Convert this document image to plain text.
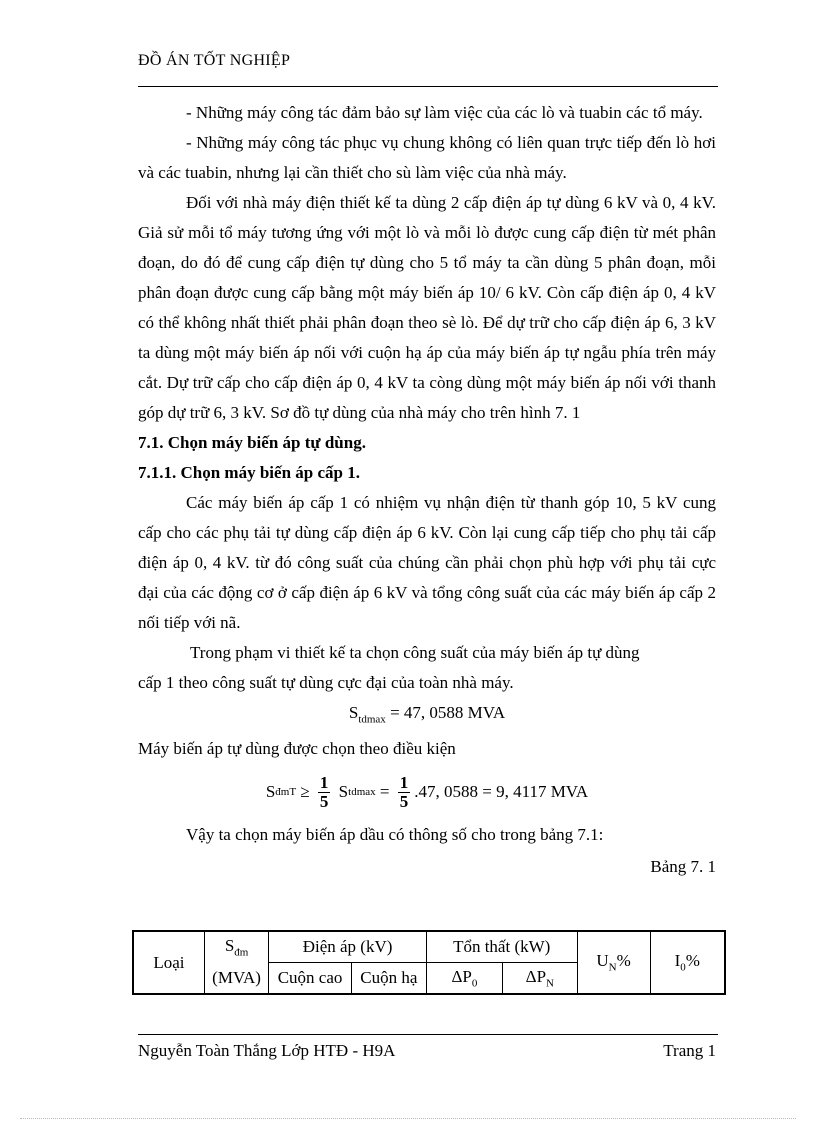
ĐỒ ÁN TỐT NGHIỆP

- Những máy công tác đảm bảo sự làm việc của các lò và tuabin các tổ máy.

- Những máy công tác phục vụ chung không có liên quan trực tiếp đến lò hơi và các tuabin, nhưng lại cần thiết cho sù làm việc của nhà máy.

Đối với nhà máy điện thiết kế ta dùng 2 cấp điện áp tự dùng 6 kV và 0, 4 kV. Giả sử mỗi tổ máy tương ứng với một lò và mỗi lò được cung cấp điện từ mét phân đoạn, do đó để cung cấp điện tự dùng cho 5 tổ máy ta cần dùng 5 phân đoạn, mỗi phân đoạn được cung cấp bằng một máy biến áp 10/ 6 kV. Còn cấp điện áp 0, 4 kV có thể không nhất thiết phải phân đoạn theo sè lò. Để dự trữ cho cấp điện áp 6, 3 kV ta dùng một máy biến áp nối với cuộn hạ áp của máy biến áp tự ngẫu phía trên máy cắt. Dự trữ cấp cho cấp điện áp 0, 4 kV ta còng dùng một máy biến áp nối với thanh góp dự trữ 6, 3 kV. Sơ đồ tự dùng của nhà máy cho trên hình 7. 1

7.1. Chọn máy biến áp tự dùng.

7.1.1. Chọn máy biến áp cấp 1.

Các máy biến áp cấp 1 có nhiệm vụ nhận điện từ thanh góp 10, 5 kV cung cấp cho các phụ tải tự dùng cấp điện áp 6 kV. Còn lại cung cấp tiếp cho phụ tải cấp điện áp 0, 4 kV. từ đó công suất của chúng cần phải chọn phù hợp với phụ tải cực đại của các động cơ ở cấp điện áp 6 kV và tổng công suất của các máy biến áp cấp 2 nối tiếp với nã.

Trong phạm vi thiết kế ta chọn công suất của máy biến áp tự dùng

cấp 1 theo công suất tự dùng cực đại của toàn nhà máy.

$S_{tdmax} = 47$, 0588 MVA

Máy biến áp tự dùng được chọn theo điều kiện

S đmT ≥ $\frac{1}{5}$ S $tdmax = \frac{1}{5} .47$, 0588 = 9, 4117 MVA

Vậy ta chọn máy biến áp dầu có thông số cho trong bảng 7.1:

Bảng 7. 1

Loại	$S_{đm}$	Điện áp (kV)		Tổn thất (kW)		$U_N\%$	$I_0\%$
	(MVA)	Cuộn cao	Cuộn hạ	$\Delta P_0$	$\Delta P_N$
Nguyễn Toàn Thắng Lớp HTĐ - H9A	Trang 1
